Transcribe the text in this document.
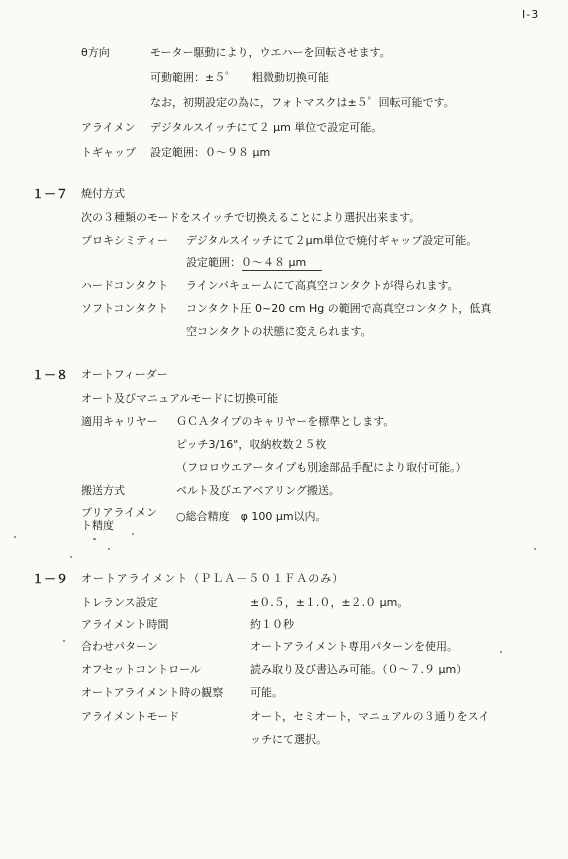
I-3
θ方向	モーター駆動により，ウエハーを回転させます。
可動範囲：±５゜ 粗微動切換可能
なお，初期設定の為に，フォトマスクは±５゜回転可能です。
アライメン デジタルスイッチにて２ μm 単位で設定可能。
トギャップ 設定範囲：０～９８ μm
１－７ 焼付方式
次の３種類のモードをスイッチで切換えることにより選択出来ます。
プロキシミティー デジタルスイッチにて２μm単位で焼付ギャップ設定可能。
設定範囲：０～４８ μm
ハードコンタクト ラインバキュームにて高真空コンタクトが得られます。
ソフトコンタクト コンタクト圧 0~20 cm Hg の範囲で高真空コンタクト，低真
空コンタクトの状態に変えられます。
１－８ オートフィーダー
オート及びマニュアルモードに切換可能
適用キャリヤー ＧＣＡタイプのキャリヤーを標準とします。
ピッチ3/16"，収納枚数２５枚
（フロロウエアータイプも別途部品手配により取付可能。）
搬送方式	ベルト及びエアベアリング搬送。
プリアライメン
ト精度
○総合精度　φ 100 μm以内。
１－９ オートアライメント（ＰＬＡ－５０１ＦＡのみ）
トレランス設定	±０.５，±１.０，±２.０ μm。
アライメント時間	約１０秒
合わせパターン	オートアライメント専用パターンを使用。
オフセットコントロール	読み取り及び書込み可能。（０～７.９ μm）
オートアライメント時の観察 可能。
アライメントモード	オート，セミオート，マニュアルの３通りをスイ
ッチにて選択。
